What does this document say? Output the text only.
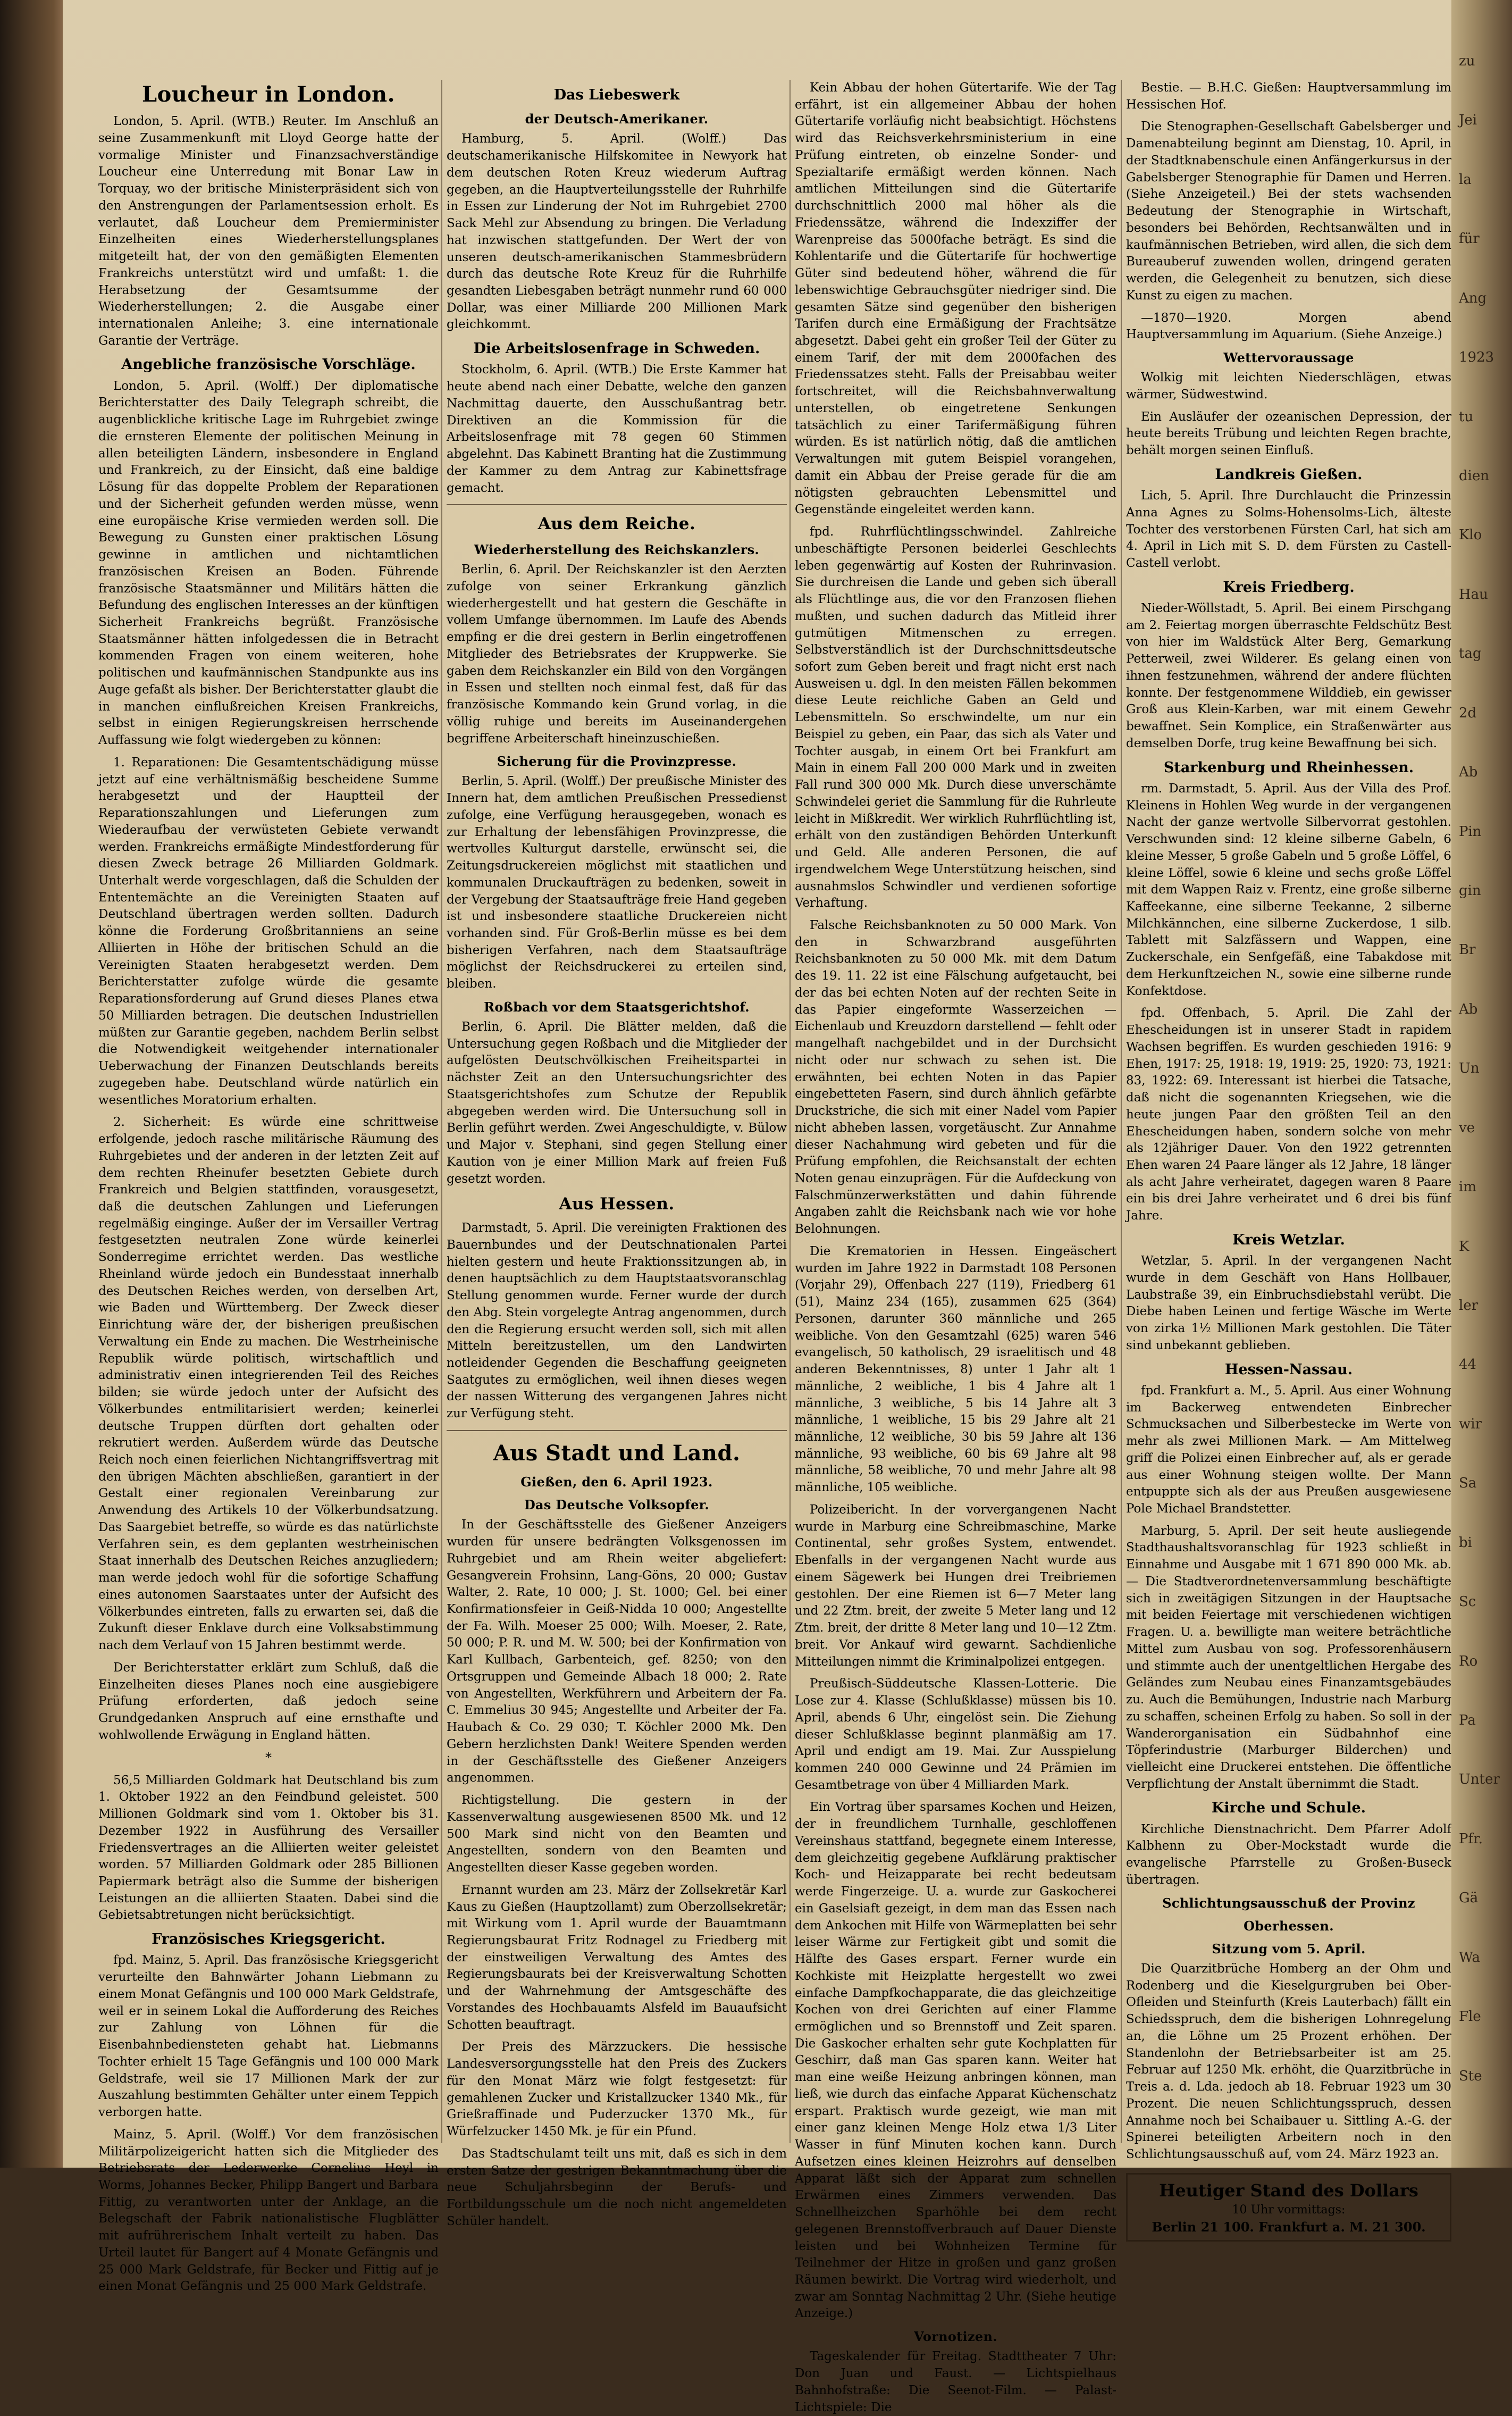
Loucheur in London.

London, 5. April. (WTB.) Reuter. Im Anschluß an seine Zusammenkunft mit Lloyd George hatte der vormalige Minister und Finanzsachverständige Loucheur eine Unterredung mit Bonar Law in Torquay, wo der britische Ministerpräsident sich von den Anstrengungen der Parlamentsession erholt. Es verlautet, daß Loucheur dem Premierminister Einzelheiten eines Wiederherstellungsplanes mitgeteilt hat, der von den gemäßigten Elementen Frankreichs unterstützt wird und umfaßt: 1. die Herabsetzung der Gesamtsumme der Wiederherstellungen; 2. die Ausgabe einer internationalen Anleihe; 3. eine internationale Garantie der Verträge.

Angebliche französische Vorschläge.

London, 5. April. (Wolff.) Der diplomatische Berichterstatter des Daily Telegraph schreibt, die augenblickliche kritische Lage im Ruhrgebiet zwinge die ernsteren Elemente der politischen Meinung in allen beteiligten Ländern, insbesondere in England und Frankreich, zu der Einsicht, daß eine baldige Lösung für das doppelte Problem der Reparationen und der Sicherheit gefunden werden müsse, wenn eine europäische Krise vermieden werden soll. Die Bewegung zu Gunsten einer praktischen Lösung gewinne in amtlichen und nichtamtlichen französischen Kreisen an Boden. Führende französische Staatsmänner und Militärs hätten die Befundung des englischen Interesses an der künftigen Sicherheit Frankreichs begrüßt. Französische Staatsmänner hätten infolgedessen die in Betracht kommenden Fragen von einem weiteren, hohe politischen und kaufmännischen Standpunkte aus ins Auge gefaßt als bisher. Der Berichterstatter glaubt die in manchen einflußreichen Kreisen Frankreichs, selbst in einigen Regierungskreisen herrschende Auffassung wie folgt wiedergeben zu können:

1. Reparationen: Die Gesamtentschädigung müsse jetzt auf eine verhältnismäßig bescheidene Summe herabgesetzt und der Hauptteil der Reparationszahlungen und Lieferungen zum Wiederaufbau der verwüsteten Gebiete verwandt werden. Frankreichs ermäßigte Mindestforderung für diesen Zweck betrage 26 Milliarden Goldmark. Unterhalt werde vorgeschlagen, daß die Schulden der Ententemächte an die Vereinigten Staaten auf Deutschland übertragen werden sollten. Dadurch könne die Forderung Großbritanniens an seine Alliierten in Höhe der britischen Schuld an die Vereinigten Staaten herabgesetzt werden. Dem Berichterstatter zufolge würde die gesamte Reparationsforderung auf Grund dieses Planes etwa 50 Milliarden betragen. Die deutschen Industriellen müßten zur Garantie gegeben, nachdem Berlin selbst die Notwendigkeit weitgehender internationaler Ueberwachung der Finanzen Deutschlands bereits zugegeben habe. Deutschland würde natürlich ein wesentliches Moratorium erhalten.

2. Sicherheit: Es würde eine schrittweise erfolgende, jedoch rasche militärische Räumung des Ruhrgebietes und der anderen in der letzten Zeit auf dem rechten Rheinufer besetzten Gebiete durch Frankreich und Belgien stattfinden, vorausgesetzt, daß die deutschen Zahlungen und Lieferungen regelmäßig einginge. Außer der im Versailler Vertrag festgesetzten neutralen Zone würde keinerlei Sonderregime errichtet werden. Das westliche Rheinland würde jedoch ein Bundesstaat innerhalb des Deutschen Reiches werden, von derselben Art, wie Baden und Württemberg. Der Zweck dieser Einrichtung wäre der, der bisherigen preußischen Verwaltung ein Ende zu machen. Die Westrheinische Republik würde politisch, wirtschaftlich und administrativ einen integrierenden Teil des Reiches bilden; sie würde jedoch unter der Aufsicht des Völkerbundes entmilitarisiert werden; keinerlei deutsche Truppen dürften dort gehalten oder rekrutiert werden. Außerdem würde das Deutsche Reich noch einen feierlichen Nichtangriffsvertrag mit den übrigen Mächten abschließen, garantiert in der Gestalt einer regionalen Vereinbarung zur Anwendung des Artikels 10 der Völkerbundsatzung. Das Saargebiet betreffe, so würde es das natürlichste Verfahren sein, es dem geplanten westrheinischen Staat innerhalb des Deutschen Reiches anzugliedern; man werde jedoch wohl für die sofortige Schaffung eines autonomen Saarstaates unter der Aufsicht des Völkerbundes eintreten, falls zu erwarten sei, daß die Zukunft dieser Enklave durch eine Volksabstimmung nach dem Verlauf von 15 Jahren bestimmt werde.

Der Berichterstatter erklärt zum Schluß, daß die Einzelheiten dieses Planes noch eine ausgiebigere Prüfung erforderten, daß jedoch seine Grundgedanken Anspruch auf eine ernsthafte und wohlwollende Erwägung in England hätten.

*

56,5 Milliarden Goldmark hat Deutschland bis zum 1. Oktober 1922 an den Feindbund geleistet. 500 Millionen Goldmark sind vom 1. Oktober bis 31. Dezember 1922 in Ausführung des Versailler Friedensvertrages an die Alliierten weiter geleistet worden. 57 Milliarden Goldmark oder 285 Billionen Papiermark beträgt also die Summe der bisherigen Leistungen an die alliierten Staaten. Dabei sind die Gebietsabtretungen nicht berücksichtigt.

Französisches Kriegsgericht.

fpd. Mainz, 5. April. Das französische Kriegsgericht verurteilte den Bahnwärter Johann Liebmann zu einem Monat Gefängnis und 100 000 Mark Geldstrafe, weil er in seinem Lokal die Aufforderung des Reiches zur Zahlung von Löhnen für die Eisenbahnbediensteten gehabt hat. Liebmanns Tochter erhielt 15 Tage Gefängnis und 100 000 Mark Geldstrafe, weil sie 17 Millionen Mark der zur Auszahlung bestimmten Gehälter unter einem Teppich verborgen hatte.

Mainz, 5. April. (Wolff.) Vor dem französischen Militärpolizeigericht hatten sich die Mitglieder des Betriebsrats der Lederwerke Cornelius Heyl in Worms, Johannes Becker, Philipp Bangert und Barbara Fittig, zu verantworten unter der Anklage, an die Belegschaft der Fabrik nationalistische Flugblätter mit aufrührerischem Inhalt verteilt zu haben. Das Urteil lautet für Bangert auf 4 Monate Gefängnis und 25 000 Mark Geldstrafe, für Becker und Fittig auf je einen Monat Gefängnis und 25 000 Mark Geldstrafe.

Das Liebeswerk
der Deutsch-Amerikaner.

Hamburg, 5. April. (Wolff.) Das deutschamerikanische Hilfskomitee in Newyork hat dem deutschen Roten Kreuz wiederum Auftrag gegeben, an die Hauptverteilungsstelle der Ruhrhilfe in Essen zur Linderung der Not im Ruhrgebiet 2700 Sack Mehl zur Absendung zu bringen. Die Verladung hat inzwischen stattgefunden. Der Wert der von unseren deutsch-amerikanischen Stammesbrüdern durch das deutsche Rote Kreuz für die Ruhrhilfe gesandten Liebesgaben beträgt nunmehr rund 60 000 Dollar, was einer Milliarde 200 Millionen Mark gleichkommt.

Die Arbeitslosenfrage in Schweden.

Stockholm, 6. April. (WTB.) Die Erste Kammer hat heute abend nach einer Debatte, welche den ganzen Nachmittag dauerte, den Ausschußantrag betr. Direktiven an die Kommission für die Arbeitslosenfrage mit 78 gegen 60 Stimmen abgelehnt. Das Kabinett Branting hat die Zustimmung der Kammer zu dem Antrag zur Kabinettsfrage gemacht.

Aus dem Reiche.
Wiederherstellung des Reichskanzlers.

Berlin, 6. April. Der Reichskanzler ist den Aerzten zufolge von seiner Erkrankung gänzlich wiederhergestellt und hat gestern die Geschäfte in vollem Umfange übernommen. Im Laufe des Abends empfing er die drei gestern in Berlin eingetroffenen Mitglieder des Betriebsrates der Kruppwerke. Sie gaben dem Reichskanzler ein Bild von den Vorgängen in Essen und stellten noch einmal fest, daß für das französische Kommando kein Grund vorlag, in die völlig ruhige und bereits im Auseinandergehen begriffene Arbeiterschaft hineinzuschießen.

Sicherung für die Provinzpresse.

Berlin, 5. April. (Wolff.) Der preußische Minister des Innern hat, dem amtlichen Preußischen Pressedienst zufolge, eine Verfügung herausgegeben, wonach es zur Erhaltung der lebensfähigen Provinzpresse, die wertvolles Kulturgut darstelle, erwünscht sei, die Zeitungsdruckereien möglichst mit staatlichen und kommunalen Druckaufträgen zu bedenken, soweit in der Vergebung der Staatsaufträge freie Hand gegeben ist und insbesondere staatliche Druckereien nicht vorhanden sind. Für Groß-Berlin müsse es bei dem bisherigen Verfahren, nach dem Staatsaufträge möglichst der Reichsdruckerei zu erteilen sind, bleiben.

Roßbach vor dem Staatsgerichtshof.

Berlin, 6. April. Die Blätter melden, daß die Untersuchung gegen Roßbach und die Mitglieder der aufgelösten Deutschvölkischen Freiheitspartei in nächster Zeit an den Untersuchungsrichter des Staatsgerichtshofes zum Schutze der Republik abgegeben werden wird. Die Untersuchung soll in Berlin geführt werden. Zwei Angeschuldigte, v. Bülow und Major v. Stephani, sind gegen Stellung einer Kaution von je einer Million Mark auf freien Fuß gesetzt worden.

Aus Hessen.

Darmstadt, 5. April. Die vereinigten Fraktionen des Bauernbundes und der Deutschnationalen Partei hielten gestern und heute Fraktionssitzungen ab, in denen hauptsächlich zu dem Hauptstaatsvoranschlag Stellung genommen wurde. Ferner wurde der durch den Abg. Stein vorgelegte Antrag angenommen, durch den die Regierung ersucht werden soll, sich mit allen Mitteln bereitzustellen, um den Landwirten notleidender Gegenden die Beschaffung geeigneten Saatgutes zu ermöglichen, weil ihnen dieses wegen der nassen Witterung des vergangenen Jahres nicht zur Verfügung steht.

Aus Stadt und Land.
Gießen, den 6. April 1923.
Das Deutsche Volksopfer.

In der Geschäftsstelle des Gießener Anzeigers wurden für unsere bedrängten Volksgenossen im Ruhrgebiet und am Rhein weiter abgeliefert: Gesangverein Frohsinn, Lang-Göns, 20 000; Gustav Walter, 2. Rate, 10 000; J. St. 1000; Gel. bei einer Konfirmationsfeier in Geiß-Nidda 10 000; Angestellte der Fa. Wilh. Moeser 25 000; Wilh. Moeser, 2. Rate, 50 000; P. R. und M. W. 500; bei der Konfirmation von Karl Kullbach, Garbenteich, gef. 8250; von den Ortsgruppen und Gemeinde Albach 18 000; 2. Rate von Angestellten, Werkführern und Arbeitern der Fa. C. Emmelius 30 945; Angestellte und Arbeiter der Fa. Haubach & Co. 29 030; T. Köchler 2000 Mk. Den Gebern herzlichsten Dank! Weitere Spenden werden in der Geschäftsstelle des Gießener Anzeigers angenommen.

Richtigstellung. Die gestern in der Kassenverwaltung ausgewiesenen 8500 Mk. und 12 500 Mark sind nicht von den Beamten und Angestellten, sondern von den Beamten und Angestellten dieser Kasse gegeben worden.

Ernannt wurden am 23. März der Zollsekretär Karl Kaus zu Gießen (Hauptzollamt) zum Oberzollsekretär; mit Wirkung vom 1. April wurde der Bauamtmann Regierungsbaurat Fritz Rodnagel zu Friedberg mit der einstweiligen Verwaltung des Amtes des Regierungsbaurats bei der Kreisverwaltung Schotten und der Wahrnehmung der Amtsgeschäfte des Vorstandes des Hochbauamts Alsfeld im Bauaufsicht Schotten beauftragt.

Der Preis des Märzzuckers. Die hessische Landesversorgungsstelle hat den Preis des Zuckers für den Monat März wie folgt festgesetzt: für gemahlenen Zucker und Kristallzucker 1340 Mk., für Grießraffinade und Puderzucker 1370 Mk., für Würfelzucker 1450 Mk. je für ein Pfund.

Das Stadtschulamt teilt uns mit, daß es sich in dem ersten Satze der gestrigen Bekanntmachung über die neue Schuljahrsbeginn der Berufs- und Fortbildungsschule um die noch nicht angemeldeten Schüler handelt.

Kein Abbau der hohen Gütertarife. Wie der Tag erfährt, ist ein allgemeiner Abbau der hohen Gütertarife vorläufig nicht beabsichtigt. Höchstens wird das Reichsverkehrsministerium in eine Prüfung eintreten, ob einzelne Sonder- und Spezialtarife ermäßigt werden können. Nach amtlichen Mitteilungen sind die Gütertarife durchschnittlich 2000 mal höher als die Friedenssätze, während die Indexziffer der Warenpreise das 5000fache beträgt. Es sind die Kohlentarife und die Gütertarife für hochwertige Güter sind bedeutend höher, während die für lebenswichtige Gebrauchsgüter niedriger sind. Die gesamten Sätze sind gegenüber den bisherigen Tarifen durch eine Ermäßigung der Frachtsätze abgesetzt. Dabei geht ein großer Teil der Güter zu einem Tarif, der mit dem 2000fachen des Friedenssatzes steht. Falls der Preisabbau weiter fortschreitet, will die Reichsbahnverwaltung unterstellen, ob eingetretene Senkungen tatsächlich zu einer Tarifermäßigung führen würden. Es ist natürlich nötig, daß die amtlichen Verwaltungen mit gutem Beispiel vorangehen, damit ein Abbau der Preise gerade für die am nötigsten gebrauchten Lebensmittel und Gegenstände eingeleitet werden kann.

fpd. Ruhrflüchtlingsschwindel. Zahlreiche unbeschäftigte Personen beiderlei Geschlechts leben gegenwärtig auf Kosten der Ruhrinvasion. Sie durchreisen die Lande und geben sich überall als Flüchtlinge aus, die vor den Franzosen fliehen mußten, und suchen dadurch das Mitleid ihrer gutmütigen Mitmenschen zu erregen. Selbstverständlich ist der Durchschnittsdeutsche sofort zum Geben bereit und fragt nicht erst nach Ausweisen u. dgl. In den meisten Fällen bekommen diese Leute reichliche Gaben an Geld und Lebensmitteln. So erschwindelte, um nur ein Beispiel zu geben, ein Paar, das sich als Vater und Tochter ausgab, in einem Ort bei Frankfurt am Main in einem Fall 200 000 Mark und in zweiten Fall rund 300 000 Mk. Durch diese unverschämte Schwindelei geriet die Sammlung für die Ruhrleute leicht in Mißkredit. Wer wirklich Ruhrflüchtling ist, erhält von den zuständigen Behörden Unterkunft und Geld. Alle anderen Personen, die auf irgendwelchem Wege Unterstützung heischen, sind ausnahmslos Schwindler und verdienen sofortige Verhaftung.

Falsche Reichsbanknoten zu 50 000 Mark. Von den in Schwarzbrand ausgeführten Reichsbanknoten zu 50 000 Mk. mit dem Datum des 19. 11. 22 ist eine Fälschung aufgetaucht, bei der das bei echten Noten auf der rechten Seite in das Papier eingeformte Wasserzeichen — Eichenlaub und Kreuzdorn darstellend — fehlt oder mangelhaft nachgebildet und in der Durchsicht nicht oder nur schwach zu sehen ist. Die erwähnten, bei echten Noten in das Papier eingebetteten Fasern, sind durch ähnlich gefärbte Druckstriche, die sich mit einer Nadel vom Papier nicht abheben lassen, vorgetäuscht. Zur Annahme dieser Nachahmung wird gebeten und für die Prüfung empfohlen, die Reichsanstalt der echten Noten genau einzuprägen. Für die Aufdeckung von Falschmünzerwerkstätten und dahin führende Angaben zahlt die Reichsbank nach wie vor hohe Belohnungen.

Die Krematorien in Hessen. Eingeäschert wurden im Jahre 1922 in Darmstadt 108 Personen (Vorjahr 29), Offenbach 227 (119), Friedberg 61 (51), Mainz 234 (165), zusammen 625 (364) Personen, darunter 360 männliche und 265 weibliche. Von den Gesamtzahl (625) waren 546 evangelisch, 50 katholisch, 29 israelitisch und 48 anderen Bekenntnisses, 8) unter 1 Jahr alt 1 männliche, 2 weibliche, 1 bis 4 Jahre alt 1 männliche, 3 weibliche, 5 bis 14 Jahre alt 3 männliche, 1 weibliche, 15 bis 29 Jahre alt 21 männliche, 12 weibliche, 30 bis 59 Jahre alt 136 männliche, 93 weibliche, 60 bis 69 Jahre alt 98 männliche, 58 weibliche, 70 und mehr Jahre alt 98 männliche, 105 weibliche.

Polizeibericht. In der vorvergangenen Nacht wurde in Marburg eine Schreibmaschine, Marke Continental, sehr großes System, entwendet. Ebenfalls in der vergangenen Nacht wurde aus einem Sägewerk bei Hungen drei Treibriemen gestohlen. Der eine Riemen ist 6—7 Meter lang und 22 Ztm. breit, der zweite 5 Meter lang und 12 Ztm. breit, der dritte 8 Meter lang und 10—12 Ztm. breit. Vor Ankauf wird gewarnt. Sachdienliche Mitteilungen nimmt die Kriminalpolizei entgegen.

Preußisch-Süddeutsche Klassen-Lotterie. Die Lose zur 4. Klasse (Schlußklasse) müssen bis 10. April, abends 6 Uhr, eingelöst sein. Die Ziehung dieser Schlußklasse beginnt planmäßig am 17. April und endigt am 19. Mai. Zur Ausspielung kommen 240 000 Gewinne und 24 Prämien im Gesamtbetrage von über 4 Milliarden Mark.

Ein Vortrag über sparsames Kochen und Heizen, der in freundlichem Turnhalle, geschloffenen Vereinshaus stattfand, begegnete einem Interesse, dem gleichzeitig gegebene Aufklärung praktischer Koch- und Heizapparate bei recht bedeutsam werde Fingerzeige. U. a. wurde zur Gaskocherei ein Gaselsiaft gezeigt, in dem man das Essen nach dem Ankochen mit Hilfe von Wärmeplatten bei sehr leiser Wärme zur Fertigkeit gibt und somit die Hälfte des Gases erspart. Ferner wurde ein Kochkiste mit Heizplatte hergestellt wo zwei einfache Dampfkochapparate, die das gleichzeitige Kochen von drei Gerichten auf einer Flamme ermöglichen und so Brennstoff und Zeit sparen. Die Gaskocher erhalten sehr gute Kochplatten für Geschirr, daß man Gas sparen kann. Weiter hat man eine weiße Heizung anbringen können, man ließ, wie durch das einfache Apparat Küchenschatz erspart. Praktisch wurde gezeigt, wie man mit einer ganz kleinen Menge Holz etwa 1/3 Liter Wasser in fünf Minuten kochen kann. Durch Aufsetzen eines kleinen Heizrohrs auf denselben Apparat läßt sich der Apparat zum schnellen Erwärmen eines Zimmers verwenden. Das Schnellheizchen Sparhöhle bei dem recht gelegenen Brennstoffverbrauch auf Dauer Dienste leisten und bei Wohnheizen Termine für Teilnehmer der Hitze in großen und ganz großen Räumen bewirkt. Die Vortrag wird wiederholt, und zwar am Sonntag Nachmittag 2 Uhr. (Siehe heutige Anzeige.)

Vornotizen.

Tageskalender für Freitag. Stadttheater 7 Uhr: Don Juan und Faust. — Lichtspielhaus Bahnhofstraße: Die Seenot-Film. — Palast-Lichtspiele: Die

Bestie. — B.H.C. Gießen: Hauptversammlung im Hessischen Hof.

Die Stenographen-Gesellschaft Gabelsberger und Damenabteilung beginnt am Dienstag, 10. April, in der Stadtknabenschule einen Anfängerkursus in der Gabelsberger Stenographie für Damen und Herren. (Siehe Anzeigeteil.) Bei der stets wachsenden Bedeutung der Stenographie in Wirtschaft, besonders bei Behörden, Rechtsanwälten und in kaufmännischen Betrieben, wird allen, die sich dem Bureauberuf zuwenden wollen, dringend geraten werden, die Gelegenheit zu benutzen, sich diese Kunst zu eigen zu machen.

—1870—1920. Morgen abend Hauptversammlung im Aquarium. (Siehe Anzeige.)

Wettervoraussage

Wolkig mit leichten Niederschlägen, etwas wärmer, Südwestwind.

Ein Ausläufer der ozeanischen Depression, der heute bereits Trübung und leichten Regen brachte, behält morgen seinen Einfluß.

Landkreis Gießen.

Lich, 5. April. Ihre Durchlaucht die Prinzessin Anna Agnes zu Solms-Hohensolms-Lich, älteste Tochter des verstorbenen Fürsten Carl, hat sich am 4. April in Lich mit S. D. dem Fürsten zu Castell-Castell verlobt.

Kreis Friedberg.

Nieder-Wöllstadt, 5. April. Bei einem Pirschgang am 2. Feiertag morgen überraschte Feldschütz Best von hier im Waldstück Alter Berg, Gemarkung Petterweil, zwei Wilderer. Es gelang einen von ihnen festzunehmen, während der andere flüchten konnte. Der festgenommene Wilddieb, ein gewisser Groß aus Klein-Karben, war mit einem Gewehr bewaffnet. Sein Komplice, ein Straßenwärter aus demselben Dorfe, trug keine Bewaffnung bei sich.

Starkenburg und Rheinhessen.

rm. Darmstadt, 5. April. Aus der Villa des Prof. Kleinens in Hohlen Weg wurde in der vergangenen Nacht der ganze wertvolle Silbervorrat gestohlen. Verschwunden sind: 12 kleine silberne Gabeln, 6 kleine Messer, 5 große Gabeln und 5 große Löffel, 6 kleine Löffel, sowie 6 kleine und sechs große Löffel mit dem Wappen Raiz v. Frentz, eine große silberne Kaffeekanne, eine silberne Teekanne, 2 silberne Milchkännchen, eine silberne Zuckerdose, 1 silb. Tablett mit Salzfässern und Wappen, eine Zuckerschale, ein Senfgefäß, eine Tabakdose mit dem Herkunftzeichen N., sowie eine silberne runde Konfektdose.

fpd. Offenbach, 5. April. Die Zahl der Ehescheidungen ist in unserer Stadt in rapidem Wachsen begriffen. Es wurden geschieden 1916: 9 Ehen, 1917: 25, 1918: 19, 1919: 25, 1920: 73, 1921: 83, 1922: 69. Interessant ist hierbei die Tatsache, daß nicht die sogenannten Kriegsehen, wie die heute jungen Paar den größten Teil an den Ehescheidungen haben, sondern solche von mehr als 12jähriger Dauer. Von den 1922 getrennten Ehen waren 24 Paare länger als 12 Jahre, 18 länger als acht Jahre verheiratet, dagegen waren 8 Paare ein bis drei Jahre verheiratet und 6 drei bis fünf Jahre.

Kreis Wetzlar.

Wetzlar, 5. April. In der vergangenen Nacht wurde in dem Geschäft von Hans Hollbauer, Laubstraße 39, ein Einbruchsdiebstahl verübt. Die Diebe haben Leinen und fertige Wäsche im Werte von zirka 1½ Millionen Mark gestohlen. Die Täter sind unbekannt geblieben.

Hessen-Nassau.

fpd. Frankfurt a. M., 5. April. Aus einer Wohnung im Backerweg entwendeten Einbrecher Schmucksachen und Silberbestecke im Werte von mehr als zwei Millionen Mark. — Am Mittelweg griff die Polizei einen Einbrecher auf, als er gerade aus einer Wohnung steigen wollte. Der Mann entpuppte sich als der aus Preußen ausgewiesene Pole Michael Brandstetter.

Marburg, 5. April. Der seit heute ausliegende Stadthaushaltsvoranschlag für 1923 schließt in Einnahme und Ausgabe mit 1 671 890 000 Mk. ab. — Die Stadtverordnetenversammlung beschäftigte sich in zweitägigen Sitzungen in der Hauptsache mit beiden Feiertage mit verschiedenen wichtigen Fragen. U. a. bewilligte man weitere beträchtliche Mittel zum Ausbau von sog. Professorenhäusern und stimmte auch der unentgeltlichen Hergabe des Geländes zum Neubau eines Finanzamtsgebäudes zu. Auch die Bemühungen, Industrie nach Marburg zu schaffen, scheinen Erfolg zu haben. So soll in der Wanderorganisation ein Südbahnhof eine Töpferindustrie (Marburger Bilderchen) und vielleicht eine Druckerei entstehen. Die öffentliche Verpflichtung der Anstalt übernimmt die Stadt.

Kirche und Schule.

Kirchliche Dienstnachricht. Dem Pfarrer Adolf Kalbhenn zu Ober-Mockstadt wurde die evangelische Pfarrstelle zu Großen-Buseck übertragen.

Schlichtungsausschuß der Provinz
Oberhessen.
Sitzung vom 5. April.

Die Quarzitbrüche Homberg an der Ohm und Rodenberg und die Kieselgurgruben bei Ober-Ofleiden und Steinfurth (Kreis Lauterbach) fällt ein Schiedsspruch, dem die bisherigen Lohnregelung an, die Löhne um 25 Prozent erhöhen. Der Standenlohn der Betriebsarbeiter ist am 25. Februar auf 1250 Mk. erhöht, die Quarzitbrüche in Treis a. d. Lda. jedoch ab 18. Februar 1923 um 30 Prozent. Die neuen Schlichtungsspruch, dessen Annahme noch bei Schaibauer u. Sittling A.-G. der Spinerei beteiligten Arbeitern noch in den Schlichtungsausschuß auf, vom 24. März 1923 an.

Heutiger Stand des Dollars
10 Uhr vormittags:
Berlin 21 100. Frankfurt a. M. 21 300.
zu
Jei
la
für
Ang
1923
tu
dien
Klo
Hau
tag
2d
Ab
Pin
gin
Br
Ab
Un
ve
im
K
ler
44
wir
Sa
bi
Sc
Ro
Pa
Unter
Pfr.
Gä
Wa
Fle
Ste
